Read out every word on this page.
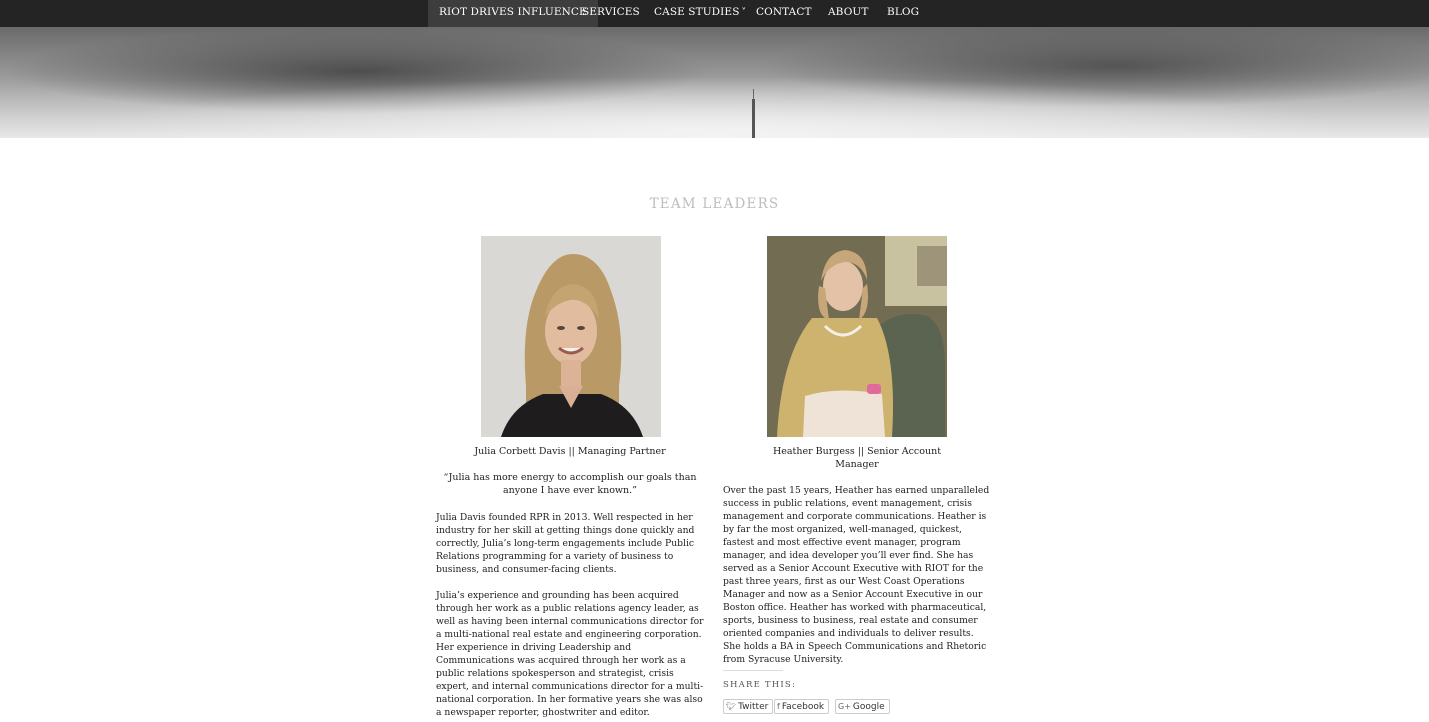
RIOT DRIVES INFLUENCE
SERVICES CASE STUDIES ˅ CONTACT ABOUT BLOG
TEAM LEADERS
Julia Corbett Davis || Managing Partner
“Julia has more energy to accomplish our goals than anyone I have ever known.”

Julia Davis founded RPR in 2013. Well respected in her industry for her skill at getting things done quickly and correctly, Julia’s long-term engagements include Public Relations programming for a variety of business to business, and consumer-facing clients.

Julia’s experience and grounding has been acquired through her work as a public relations agency leader, as well as having been internal communications director for a multi-national real estate and engineering corporation. Her experience in driving Leadership and Communications was acquired through her work as a public relations spokesperson and strategist, crisis expert, and internal communications director for a multi-national corporation. In her formative years she was also a newspaper reporter, ghostwriter and editor.

Heather Burgess || Senior Account Manager

Over the past 15 years, Heather has earned unparalleled success in public relations, event management, crisis management and corporate communications. Heather is by far the most organized, well-managed, quickest, fastest and most effective event manager, program manager, and idea developer you’ll ever find. She has served as a Senior Account Executive with RIOT for the past three years, first as our West Coast Operations Manager and now as a Senior Account Executive in our Boston office. Heather has worked with pharmaceutical, sports, business to business, real estate and consumer oriented companies and individuals to deliver results. She holds a BA in Speech Communications and Rhetoric from Syracuse University.

SHARE THIS:
🐦︎ Twitter	f Facebook	G+ Google
